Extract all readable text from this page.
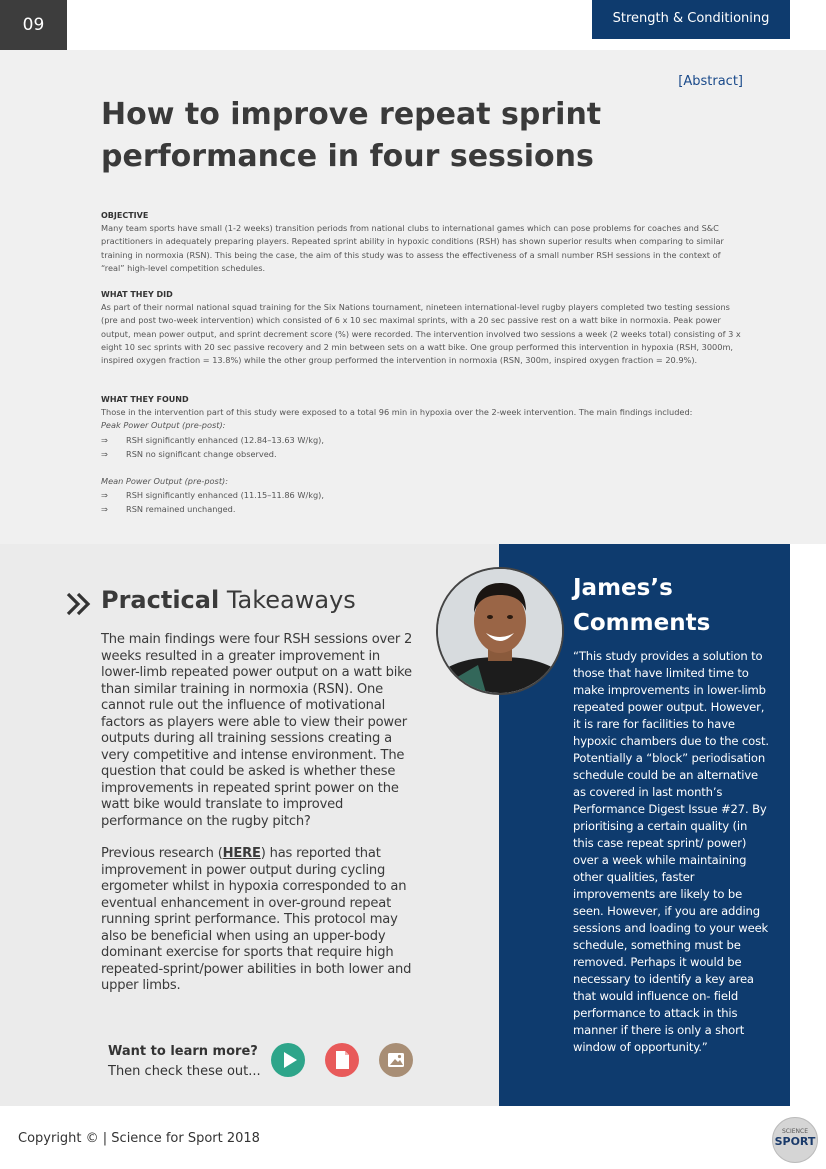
09	Strength & Conditioning
[Abstract]
How to improve repeat sprint performance in four sessions
OBJECTIVE

Many team sports have small (1-2 weeks) transition periods from national clubs to international games which can pose problems for coaches and S&C practitioners in adequately preparing players. Repeated sprint ability in hypoxic conditions (RSH) has shown superior results when comparing to similar training in normoxia (RSN). This being the case, the aim of this study was to assess the effectiveness of a small number RSH sessions in the context of “real” high-level competition schedules.

WHAT THEY DID

As part of their normal national squad training for the Six Nations tournament, nineteen international-level rugby players completed two testing sessions (pre and post two-week intervention) which consisted of 6 x 10 sec maximal sprints, with a 20 sec passive rest on a watt bike in normoxia. Peak power output, mean power output, and sprint decrement score (%) were recorded. The intervention involved two sessions a week (2 weeks total) consisting of 3 x eight 10 sec sprints with 20 sec passive recovery and 2 min between sets on a watt bike. One group performed this intervention in hypoxia (RSH, 3000m, inspired oxygen fraction = 13.8%) while the other group performed the intervention in normoxia (RSN, 300m, inspired oxygen fraction = 20.9%).

WHAT THEY FOUND

Those in the intervention part of this study were exposed to a total 96 min in hypoxia over the 2-week intervention. The main findings included:

Peak Power Output (pre-post):

⇒ RSH significantly enhanced (12.84–13.63 W/kg),
⇒ RSN no significant change observed.

Mean Power Output (pre-post):

⇒ RSH significantly enhanced (11.15–11.86 W/kg),
⇒ RSN remained unchanged.
Practical Takeaways

The main findings were four RSH sessions over 2 weeks resulted in a greater improvement in lower-limb repeated power output on a watt bike than similar training in normoxia (RSN). One cannot rule out the influence of motivational factors as players were able to view their power outputs during all training sessions creating a very competitive and intense environment. The question that could be asked is whether these improvements in repeated sprint power on the watt bike would translate to improved performance on the rugby pitch?

Previous research (HERE) has reported that improvement in power output during cycling ergometer whilst in hypoxia corresponded to an eventual enhancement in over-ground repeat running sprint performance. This protocol may also be beneficial when using an upper-body dominant exercise for sports that require high repeated-sprint/power abilities in both lower and upper limbs.

Want to learn more?
Then check these out...
James’s Comments

“This study provides a solution to those that have limited time to make improvements in lower-limb repeated power output. However, it is rare for facilities to have hypoxic chambers due to the cost. Potentially a “block” periodisation schedule could be an alternative as covered in last month’s Performance Digest Issue #27. By prioritising a certain quality (in this case repeat sprint/ power) over a week while maintaining other qualities, faster improvements are likely to be seen. However, if you are adding sessions and loading to your week schedule, something must be removed. Perhaps it would be necessary to identify a key area that would influence on- field performance to attack in this manner if there is only a short window of opportunity.”

Copyright © | Science for Sport 2018	SCIENCE
SPORT
